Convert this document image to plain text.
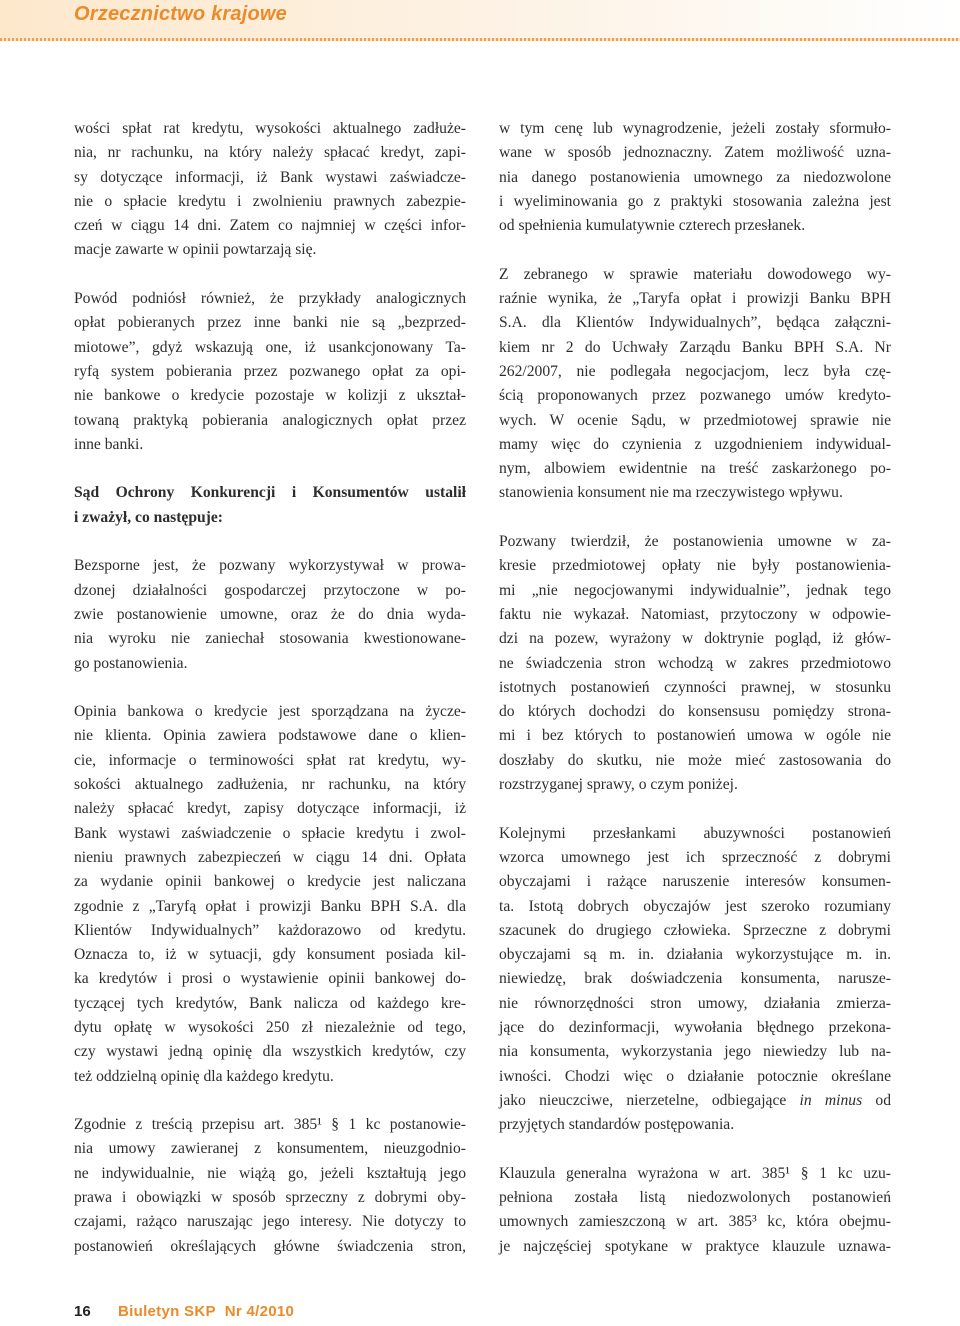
Orzecznictwo krajowe

wości spłat rat kredytu, wysokości aktualnego zadłuże-
nia, nr rachunku, na który należy spłacać kredyt, zapi-
sy dotyczące informacji, iż Bank wystawi zaświadcze-
nie o spłacie kredytu i zwolnieniu prawnych zabezpie-
czeń w ciągu 14 dni. Zatem co najmniej w części infor-
macje zawarte w opinii powtarzają się.

Powód podniósł również, że przykłady analogicznych
opłat pobieranych przez inne banki nie są „bezprzed-
miotowe”, gdyż wskazują one, iż usankcjonowany Ta-
ryfą system pobierania przez pozwanego opłat za opi-
nie bankowe o kredycie pozostaje w kolizji z ukształ-
towaną praktyką pobierania analogicznych opłat przez
inne banki.

Sąd Ochrony Konkurencji i Konsumentów ustalił
i zważył, co następuje:

Bezsporne jest, że pozwany wykorzystywał w prowa-
dzonej działalności gospodarczej przytoczone w po-
zwie postanowienie umowne, oraz że do dnia wyda-
nia wyroku nie zaniechał stosowania kwestionowane-
go postanowienia.

Opinia bankowa o kredycie jest sporządzana na życze-
nie klienta. Opinia zawiera podstawowe dane o klien-
cie, informacje o terminowości spłat rat kredytu, wy-
sokości aktualnego zadłużenia, nr rachunku, na który
należy spłacać kredyt, zapisy dotyczące informacji, iż
Bank wystawi zaświadczenie o spłacie kredytu i zwol-
nieniu prawnych zabezpieczeń w ciągu 14 dni. Opłata
za wydanie opinii bankowej o kredycie jest naliczana
zgodnie z „Taryfą opłat i prowizji Banku BPH S.A. dla
Klientów Indywidualnych” każdorazowo od kredytu.
Oznacza to, iż w sytuacji, gdy konsument posiada kil-
ka kredytów i prosi o wystawienie opinii bankowej do-
tyczącej tych kredytów, Bank nalicza od każdego kre-
dytu opłatę w wysokości 250 zł niezależnie od tego,
czy wystawi jedną opinię dla wszystkich kredytów, czy
też oddzielną opinię dla każdego kredytu.

Zgodnie z treścią przepisu art. 385¹ § 1 kc postanowie-
nia umowy zawieranej z konsumentem, nieuzgodnio-
ne indywidualnie, nie wiążą go, jeżeli kształtują jego
prawa i obowiązki w sposób sprzeczny z dobrymi oby-
czajami, rażąco naruszając jego interesy. Nie dotyczy to
postanowień określających główne świadczenia stron,

w tym cenę lub wynagrodzenie, jeżeli zostały sformuło-
wane w sposób jednoznaczny. Zatem możliwość uzna-
nia danego postanowienia umownego za niedozwolone
i wyeliminowania go z praktyki stosowania zależna jest
od spełnienia kumulatywnie czterech przesłanek.

Z zebranego w sprawie materiału dowodowego wy-
raźnie wynika, że „Taryfa opłat i prowizji Banku BPH
S.A. dla Klientów Indywidualnych”, będąca załączni-
kiem nr 2 do Uchwały Zarządu Banku BPH S.A. Nr
262/2007, nie podlegała negocjacjom, lecz była czę-
ścią proponowanych przez pozwanego umów kredyto-
wych. W ocenie Sądu, w przedmiotowej sprawie nie
mamy więc do czynienia z uzgodnieniem indywidual-
nym, albowiem ewidentnie na treść zaskarżonego po-
stanowienia konsument nie ma rzeczywistego wpływu.

Pozwany twierdził, że postanowienia umowne w za-
kresie przedmiotowej opłaty nie były postanowienia-
mi „nie negocjowanymi indywidualnie”, jednak tego
faktu nie wykazał. Natomiast, przytoczony w odpowie-
dzi na pozew, wyrażony w doktrynie pogląd, iż głów-
ne świadczenia stron wchodzą w zakres przedmiotowo
istotnych postanowień czynności prawnej, w stosunku
do których dochodzi do konsensusu pomiędzy strona-
mi i bez których to postanowień umowa w ogóle nie
doszłaby do skutku, nie może mieć zastosowania do
rozstrzyganej sprawy, o czym poniżej.

Kolejnymi przesłankami abuzywności postanowień
wzorca umownego jest ich sprzeczność z dobrymi
obyczajami i rażące naruszenie interesów konsumen-
ta. Istotą dobrych obyczajów jest szeroko rozumiany
szacunek do drugiego człowieka. Sprzeczne z dobrymi
obyczajami są m. in. działania wykorzystujące m. in.
niewiedzę, brak doświadczenia konsumenta, narusze-
nie równorzędności stron umowy, działania zmierza-
jące do dezinformacji, wywołania błędnego przekona-
nia konsumenta, wykorzystania jego niewiedzy lub na-
iwności. Chodzi więc o działanie potocznie określane
jako nieuczciwe, nierzetelne, odbiegające in minus od
przyjętych standardów postępowania.

Klauzula generalna wyrażona w art. 385¹ § 1 kc uzu-
pełniona została listą niedozwolonych postanowień
umownych zamieszczoną w art. 385³ kc, która obejmu-
je najczęściej spotykane w praktyce klauzule uznawa-

16 Biuletyn SKP Nr 4/2010
